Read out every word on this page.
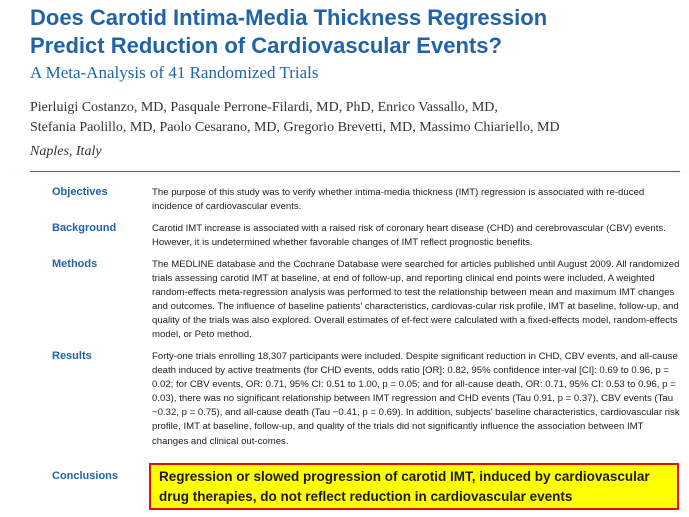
Does Carotid Intima-Media Thickness Regression
Predict Reduction of Cardiovascular Events?
A Meta-Analysis of 41 Randomized Trials
Pierluigi Costanzo, MD, Pasquale Perrone-Filardi, MD, PhD, Enrico Vassallo, MD,
Stefania Paolillo, MD, Paolo Cesarano, MD, Gregorio Brevetti, MD, Massimo Chiariello, MD
Naples, Italy
Objectives	The purpose of this study was to verify whether intima-media thickness (IMT) regression is associated with re-duced incidence of cardiovascular events.
Background	Carotid IMT increase is associated with a raised risk of coronary heart disease (CHD) and cerebrovascular (CBV) events. However, it is undetermined whether favorable changes of IMT reflect prognostic benefits.
Methods	The MEDLINE database and the Cochrane Database were searched for articles published until August 2009. All randomized trials assessing carotid IMT at baseline, at end of follow-up, and reporting clinical end points were included. A weighted random-effects meta-regression analysis was performed to test the relationship between mean and maximum IMT changes and outcomes. The influence of baseline patients' characteristics, cardiovas-cular risk profile, IMT at baseline, follow-up, and quality of the trials was also explored. Overall estimates of ef-fect were calculated with a fixed-effects model, random-effects model, or Peto method.
Results	Forty-one trials enrolling 18,307 participants were included. Despite significant reduction in CHD, CBV events, and all-cause death induced by active treatments (for CHD events, odds ratio [OR]: 0.82, 95% confidence inter-val [CI]: 0.69 to 0.96, p = 0.02; for CBV events, OR: 0.71, 95% CI: 0.51 to 1.00, p = 0.05; and for all-cause death, OR: 0.71, 95% CI: 0.53 to 0.96, p = 0.03), there was no significant relationship between IMT regression and CHD events (Tau 0.91, p = 0.37), CBV events (Tau −0.32, p = 0.75), and all-cause death (Tau −0.41, p = 0.69). In addition, subjects' baseline characteristics, cardiovascular risk profile, IMT at baseline, follow-up, and quality of the trials did not significantly influence the association between IMT changes and clinical out-comes.
Conclusions	Regression or slowed progression of carotid IMT, induced by cardiovascular drug therapies, do not reflect reduction in cardiovascular events
